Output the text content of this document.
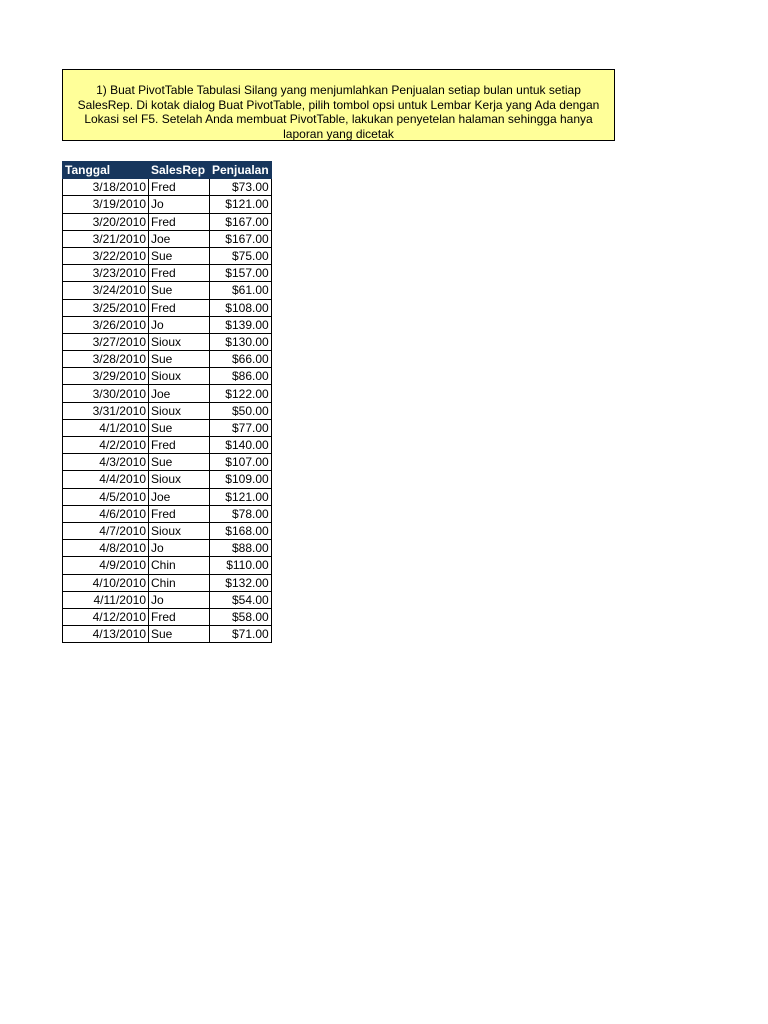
1) Buat PivotTable Tabulasi Silang yang menjumlahkan Penjualan setiap bulan untuk setiap
SalesRep. Di kotak dialog Buat PivotTable, pilih tombol opsi untuk Lembar Kerja yang Ada dengan
Lokasi sel F5. Setelah Anda membuat PivotTable, lakukan penyetelan halaman sehingga hanya
laporan yang dicetak
Tanggal	SalesRep	Penjualan
3/18/2010	Fred	$73.00
3/19/2010	Jo	$121.00
3/20/2010	Fred	$167.00
3/21/2010	Joe	$167.00
3/22/2010	Sue	$75.00
3/23/2010	Fred	$157.00
3/24/2010	Sue	$61.00
3/25/2010	Fred	$108.00
3/26/2010	Jo	$139.00
3/27/2010	Sioux	$130.00
3/28/2010	Sue	$66.00
3/29/2010	Sioux	$86.00
3/30/2010	Joe	$122.00
3/31/2010	Sioux	$50.00
4/1/2010	Sue	$77.00
4/2/2010	Fred	$140.00
4/3/2010	Sue	$107.00
4/4/2010	Sioux	$109.00
4/5/2010	Joe	$121.00
4/6/2010	Fred	$78.00
4/7/2010	Sioux	$168.00
4/8/2010	Jo	$88.00
4/9/2010	Chin	$110.00
4/10/2010	Chin	$132.00
4/11/2010	Jo	$54.00
4/12/2010	Fred	$58.00
4/13/2010	Sue	$71.00
